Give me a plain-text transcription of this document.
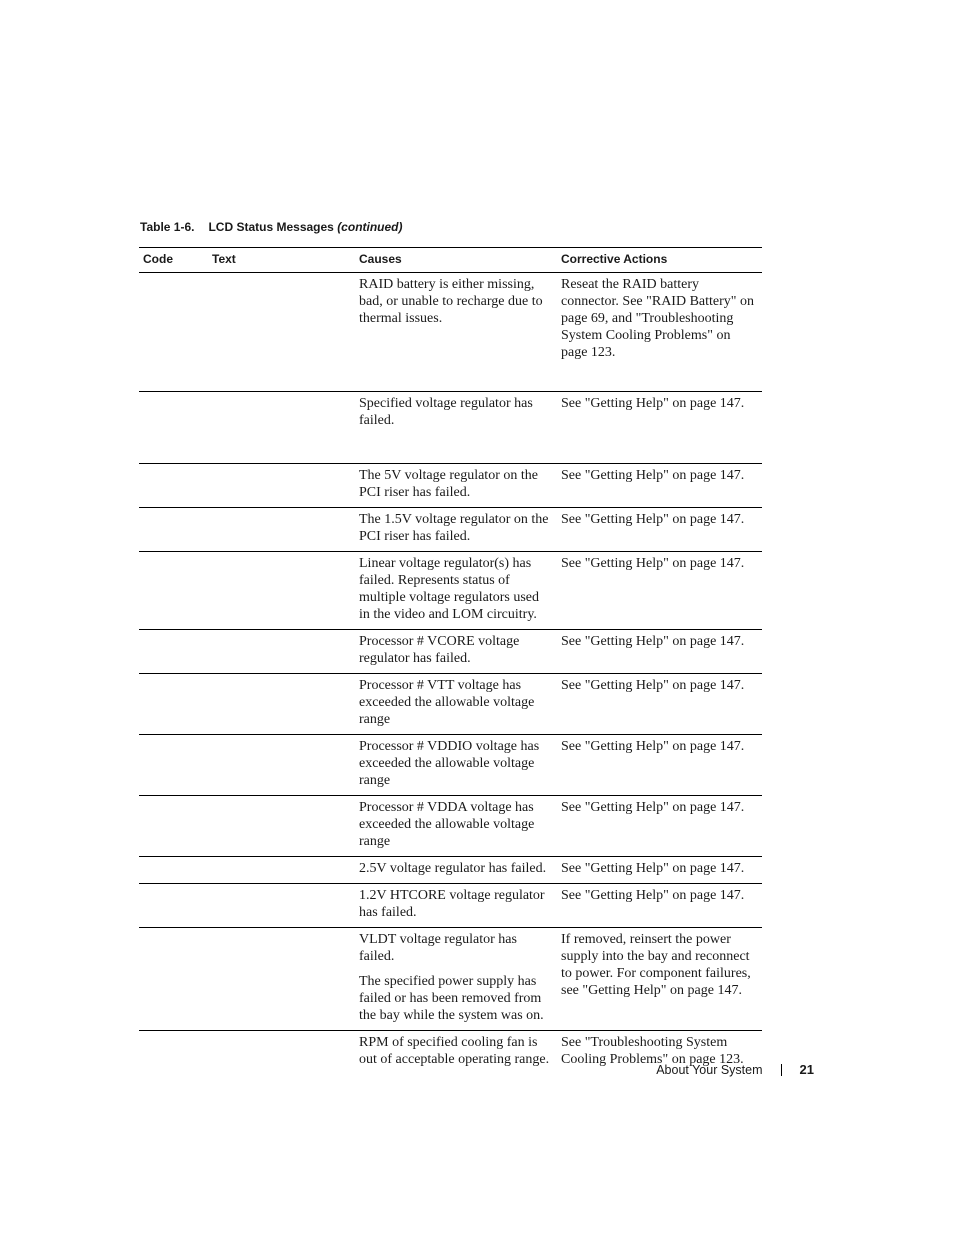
Table 1-6. LCD Status Messages (continued)
Code	Text	Causes	Corrective Actions

		RAID battery is either missing, bad, or unable to recharge due to thermal issues.	Reseat the RAID battery connector. See "RAID Battery" on page 69, and "Troubleshooting System Cooling Problems" on page 123.

		Specified voltage regulator has failed.	See "Getting Help" on page 147.

		The 5V voltage regulator on the PCI riser has failed.	See "Getting Help" on page 147.

		The 1.5V voltage regulator on the PCI riser has failed.	See "Getting Help" on page 147.

		Linear voltage regulator(s) has failed. Represents status of multiple voltage regulators used in the video and LOM circuitry.	See "Getting Help" on page 147.

		Processor # VCORE voltage regulator has failed.	See "Getting Help" on page 147.

		Processor # VTT voltage has exceeded the allowable voltage range	See "Getting Help" on page 147.

		Processor # VDDIO voltage has exceeded the allowable voltage range	See "Getting Help" on page 147.

		Processor # VDDA voltage has exceeded the allowable voltage range	See "Getting Help" on page 147.

		2.5V voltage regulator has failed.	See "Getting Help" on page 147.

		1.2V HTCORE voltage regulator has failed.	See "Getting Help" on page 147.

		VLDT voltage regulator has failed.
The specified power supply has failed or has been removed from the bay while the system was on.	If removed, reinsert the power supply into the bay and reconnect to power. For component failures, see "Getting Help" on page 147.

		RPM of specified cooling fan is out of acceptable operating range.	See "Troubleshooting System Cooling Problems" on page 123.
About Your System	21
